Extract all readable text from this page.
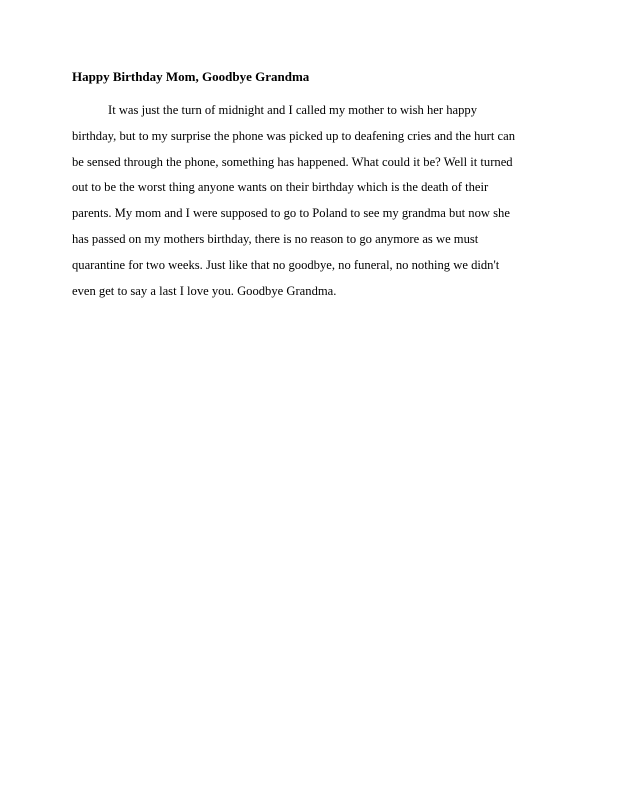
Happy Birthday Mom, Goodbye Grandma
It was just the turn of midnight and I called my mother to wish her happy
birthday, but to my surprise the phone was picked up to deafening cries and the hurt can
be sensed through the phone, something has happened. What could it be? Well it turned
out to be the worst thing anyone wants on their birthday which is the death of their
parents. My mom and I were supposed to go to Poland to see my grandma but now she
has passed on my mothers birthday, there is no reason to go anymore as we must
quarantine for two weeks. Just like that no goodbye, no funeral, no nothing we didn't
even get to say a last I love you. Goodbye Grandma.
